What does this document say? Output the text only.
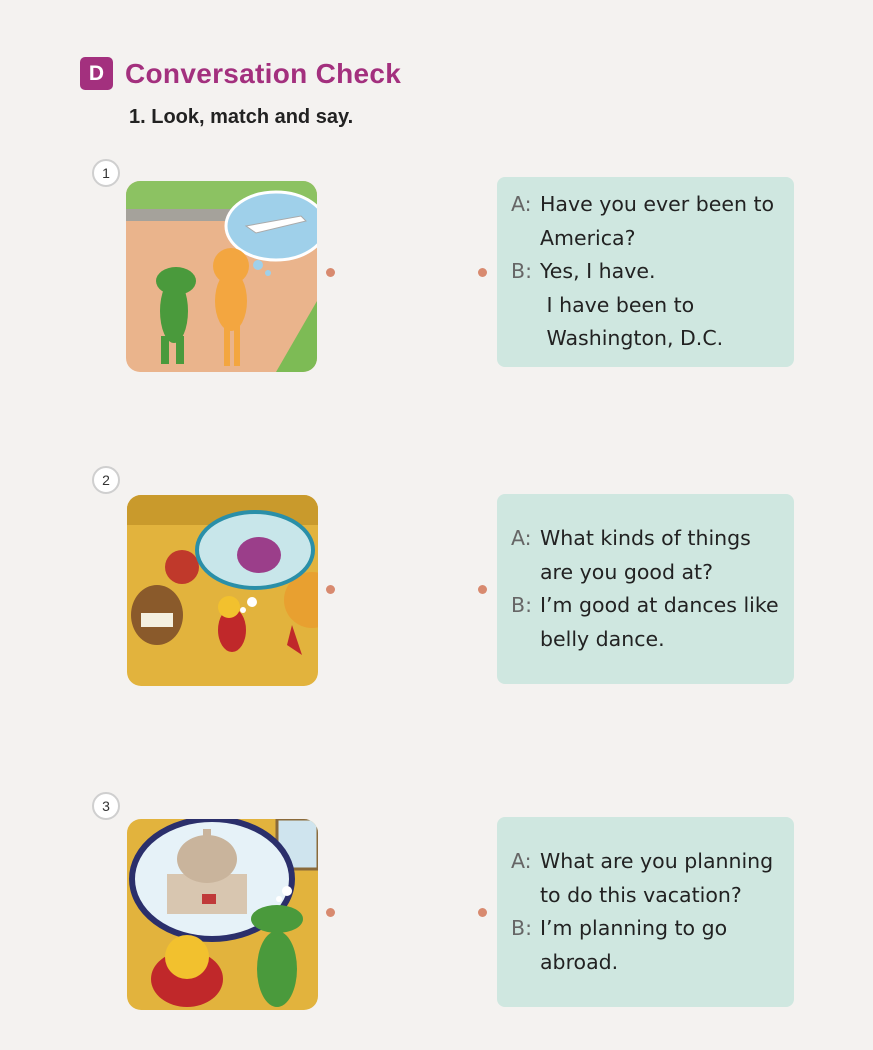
D Conversation Check
1. Look, match and say.
1
A: Have you ever been to
America?
B: Yes, I have.
I have been to
Washington, D.C.
2
A: What kinds of things
are you good at?
B: I’m good at dances like
belly dance.
3
A: What are you planning
to do this vacation?
B: I’m planning to go
abroad.
